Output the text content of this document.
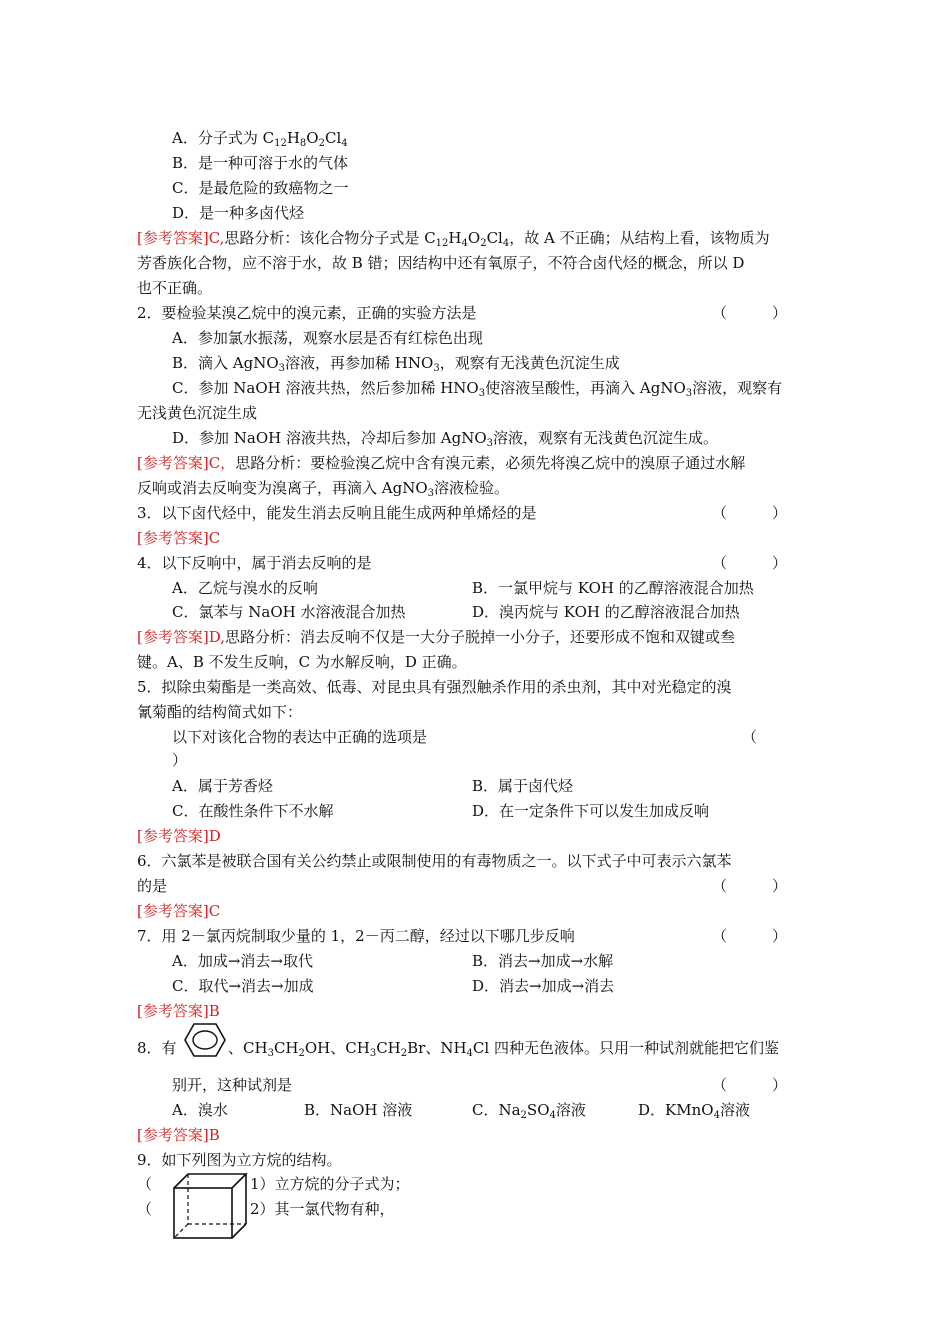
A．分子式为 $C_{12}H_8O_2Cl_4$
B．是一种可溶于水的气体
C．是最危险的致癌物之一
D．是一种多卤代烃
[参考答案]C,思路分析：该化合物分子式是 $C_{12}H_4O_2Cl_4$，故 A 不正确；从结构上看，该物质为
芳香族化合物，应不溶于水，故 B 错；因结构中还有氧原子，不符合卤代烃的概念，所以 D
也不正确。
2．要检验某溴乙烷中的溴元素，正确的实验方法是	（　　　）
A．参加氯水振荡，观察水层是否有红棕色出现
B．滴入 AgNO$_3$溶液，再参加稀 $HNO_3$，观察有无浅黄色沉淀生成
C．参加 NaOH 溶液共热，然后参加稀 $HNO_3$使溶液呈酸性，再滴入 AgNO$_3$溶液，观察有
无浅黄色沉淀生成
D．参加 NaOH 溶液共热，冷却后参加 AgNO$_3$溶液，观察有无浅黄色沉淀生成。
[参考答案]C，思路分析：要检验溴乙烷中含有溴元素，必须先将溴乙烷中的溴原子通过水解
反响或消去反响变为溴离子，再滴入 AgNO$_3$溶液检验。
3．以下卤代烃中，能发生消去反响且能生成两种单烯烃的是	（　　　）
[参考答案]C
4．以下反响中，属于消去反响的是	（　　　）
A．乙烷与溴水的反响	B．一氯甲烷与 KOH 的乙醇溶液混合加热
C．氯苯与 NaOH 水溶液混合加热	D．溴丙烷与 KOH 的乙醇溶液混合加热
[参考答案]D,思路分析：消去反响不仅是一大分子脱掉一小分子，还要形成不饱和双键或叁
键。A、B 不发生反响，C 为水解反响，D 正确。
5．拟除虫菊酯是一类高效、低毒、对昆虫具有强烈触杀作用的杀虫剂，其中对光稳定的溴
氰菊酯的结构简式如下：
以下对该化合物的表达中正确的选项是	（
）
A．属于芳香烃	B．属于卤代烃
C．在酸性条件下不水解	D．在一定条件下可以发生加成反响
[参考答案]D
6．六氯苯是被联合国有关公约禁止或限制使用的有毒物质之一。以下式子中可表示六氯苯
的是	（　　　）
[参考答案]C
7．用 2－氯丙烷制取少量的 1，2－丙二醇，经过以下哪几步反响	（　　　）
A．加成→消去→取代	B．消去→加成→水解
C．取代→消去→加成	D．消去→加成→消去
[参考答案]B
8．有	、$CH_3CH_2OH$、$CH_3CH_2Br$、$NH_4Cl$ 四种无色液体。只用一种试剂就能把它们鉴
别开，这种试剂是	（　　　）
A．溴水	B．NaOH 溶液	C．$Na_2SO_4$溶液	D．KMnO$_4$溶液
[参考答案]B
9．如下列图为立方烷的结构。
（
（
1）立方烷的分子式为；
2）其一氯代物有种，
